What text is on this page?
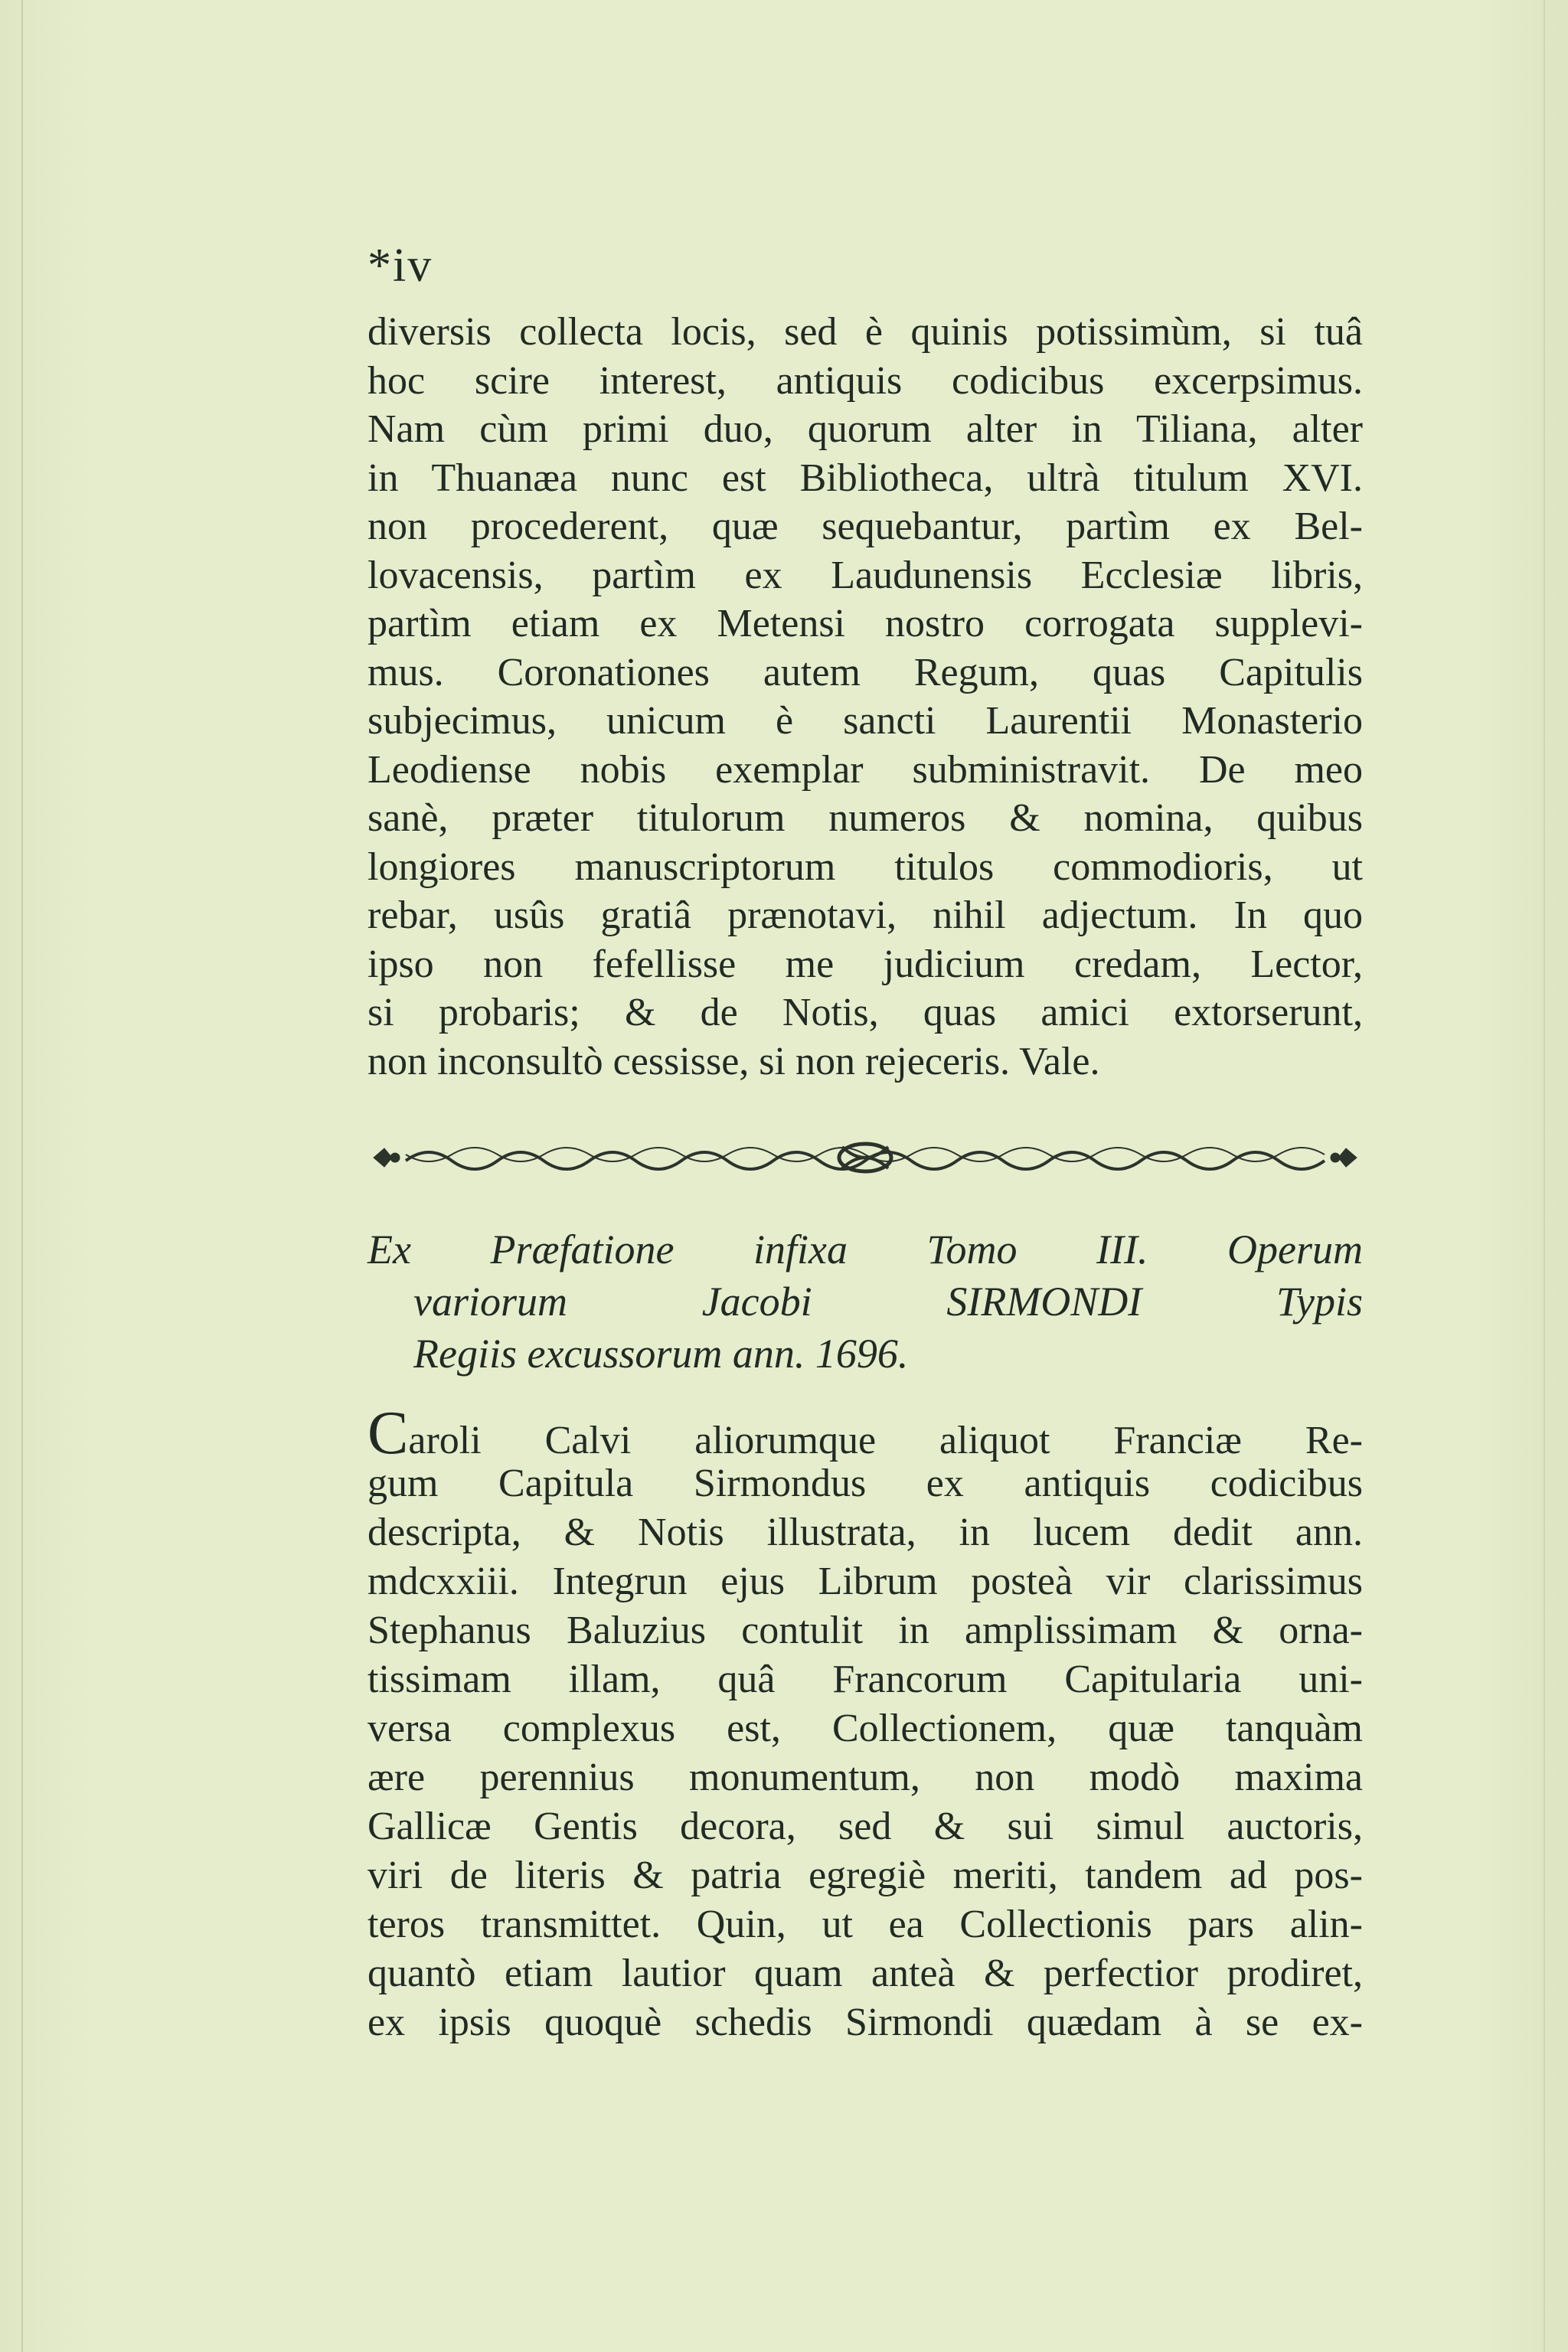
*iv
diversis collecta locis, sed è quinis potissimùm, si tuâ
hoc scire interest, antiquis codicibus excerpsimus.
Nam cùm primi duo, quorum alter in Tiliana, alter
in Thuanæa nunc est Bibliotheca, ultrà titulum XVI.
non procederent, quæ sequebantur, partìm ex Bel-
lovacensis, partìm ex Laudunensis Ecclesiæ libris,
partìm etiam ex Metensi nostro corrogata supplevi-
mus. Coronationes autem Regum, quas Capitulis
subjecimus, unicum è sancti Laurentii Monasterio
Leodiense nobis exemplar subministravit. De meo
sanè, præter titulorum numeros & nomina, quibus
longiores manuscriptorum titulos commodioris, ut
rebar, usûs gratiâ prænotavi, nihil adjectum. In quo
ipso non fefellisse me judicium credam, Lector,
si probaris; & de Notis, quas amici extorserunt,
non inconsultò cessisse, si non rejeceris. Vale.
Ex Præfatione infixa Tomo III. Operum
variorum Jacobi SIRMONDI Typis
Regiis excussorum ann. 1696.
Caroli Calvi aliorumque aliquot Franciæ Re-
gum Capitula Sirmondus ex antiquis codicibus
descripta, & Notis illustrata, in lucem dedit ann.
mdcxxiii. Integrun ejus Librum posteà vir clarissimus
Stephanus Baluzius contulit in amplissimam & orna-
tissimam illam, quâ Francorum Capitularia uni-
versa complexus est, Collectionem, quæ tanquàm
ære perennius monumentum, non modò maxima
Gallicæ Gentis decora, sed & sui simul auctoris,
viri de literis & patria egregiè meriti, tandem ad pos-
teros transmittet. Quin, ut ea Collectionis pars alin-
quantò etiam lautior quam anteà & perfectior prodiret,
ex ipsis quoquè schedis Sirmondi quædam à se ex-
